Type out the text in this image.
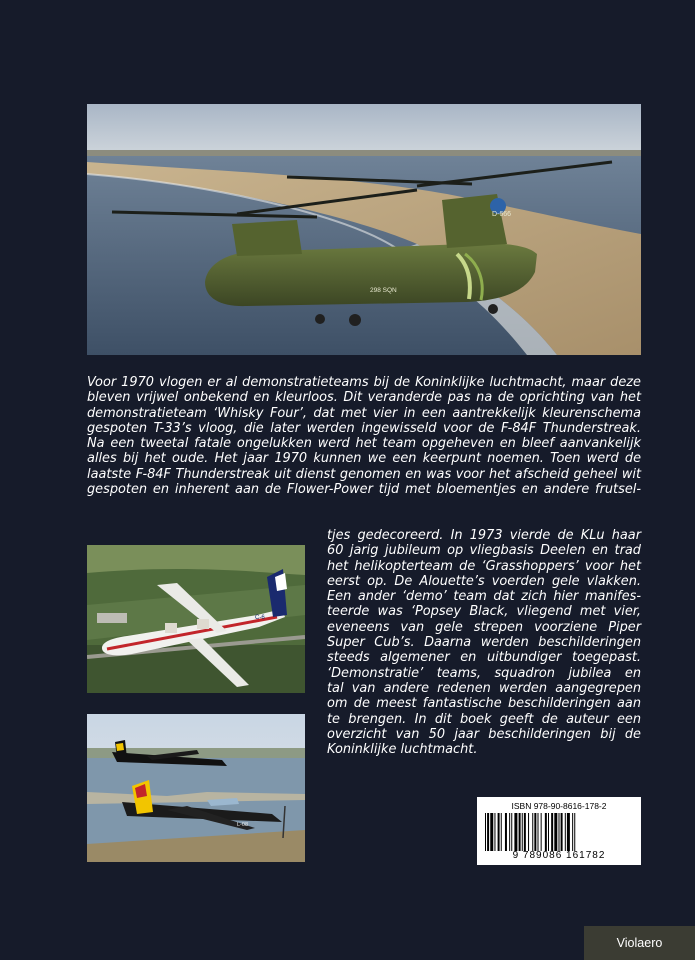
D-666
298 SQN

Voor 1970 vlogen er al demonstratieteams bij de Koninklijke luchtmacht, maar deze
bleven vrijwel onbekend en kleurloos. Dit veranderde pas na de oprichting van het
demonstratieteam ‘Whisky Four’, dat met vier in een aantrekkelijk kleurenschema
gespoten T-33’s vloog, die later werden ingewisseld voor de F-84F Thunderstreak.
Na een tweetal fatale ongelukken werd het team opgeheven en bleef aanvankelijk
alles bij het oude. Het jaar 1970 kunnen we een keerpunt noemen. Toen werd de
laatste F-84F Thunderstreak uit dienst genomen en was voor het afscheid geheel wit
gespoten en inherent aan de Flower-Power tijd met bloementjes en andere frutsel-

C-6
L-08

tjes gedecoreerd. In 1973 vierde de KLu haar
60 jarig jubileum op vliegbasis Deelen en trad
het helikopterteam de ‘Grasshoppers’ voor het
eerst op. De Alouette’s voerden gele vlakken.
Een ander ‘demo’ team dat zich hier manifes-
teerde was ‘Popsey Black, vliegend met vier,
eveneens van gele strepen voorziene Piper
Super Cub’s. Daarna werden beschilderingen
steeds algemener en uitbundiger toegepast.
‘Demonstratie’ teams, squadron jubilea en
tal van andere redenen werden aangegrepen
om de meest fantastische beschilderingen aan
te brengen. In dit boek geeft de auteur een
overzicht van 50 jaar beschilderingen bij de
Koninklijke luchtmacht.

ISBN 978-90-8616-178-2
9 789086 161782
Violaero
